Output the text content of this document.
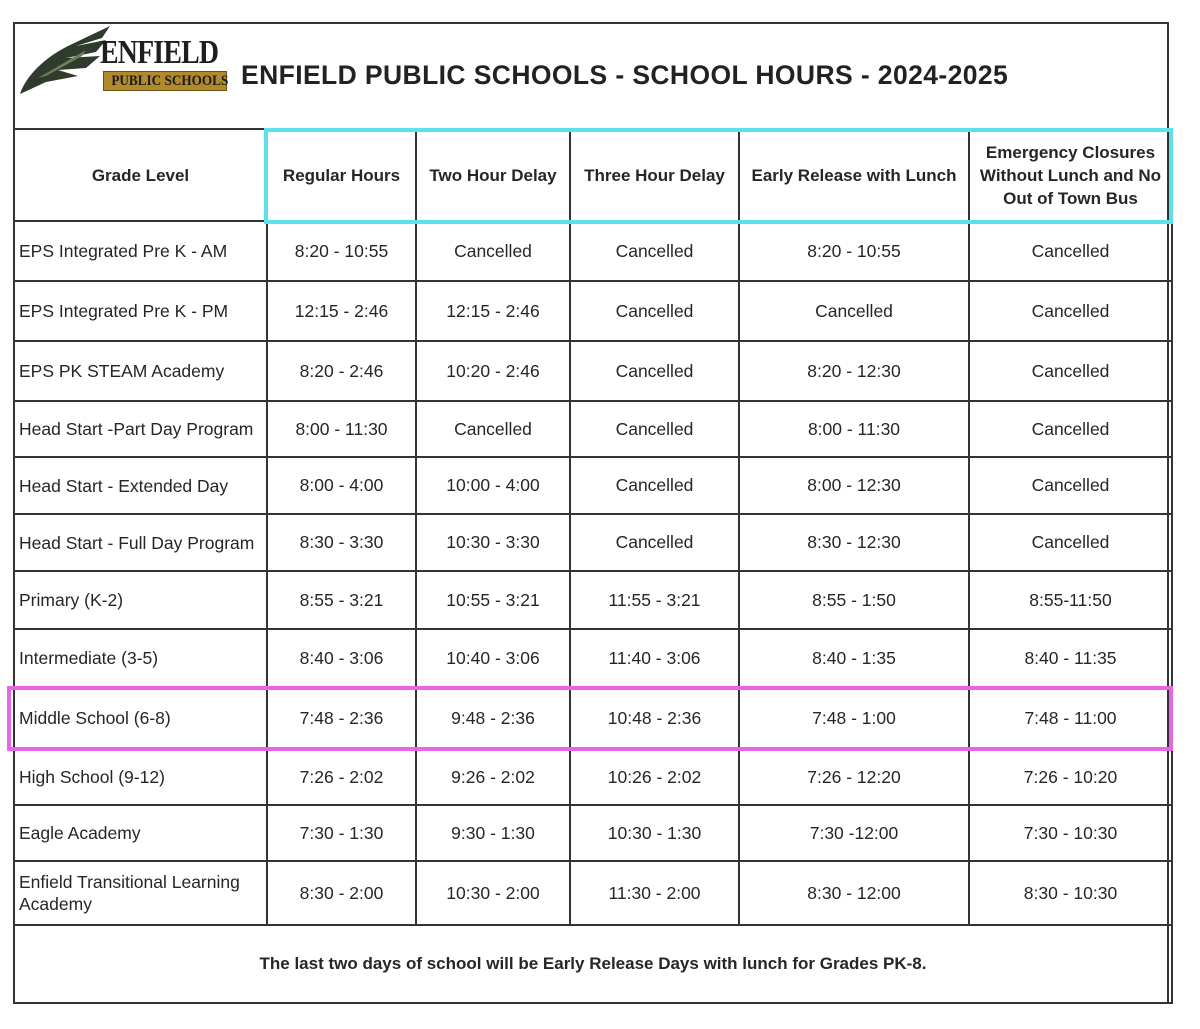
ENFIELD
PUBLIC SCHOOLS ENFIELD PUBLIC SCHOOLS - SCHOOL HOURS - 2024-2025
Grade Level	Regular Hours	Two Hour Delay	Three Hour Delay	Early Release with Lunch	Emergency Closures Without Lunch and No Out of Town Bus
EPS Integrated Pre K - AM	8:20 - 10:55	Cancelled	Cancelled	8:20 - 10:55	Cancelled
EPS Integrated Pre K - PM	12:15 - 2:46	12:15 - 2:46	Cancelled	Cancelled	Cancelled
EPS PK STEAM Academy	8:20 - 2:46	10:20 - 2:46	Cancelled	8:20 - 12:30	Cancelled
Head Start -Part Day Program	8:00 - 11:30	Cancelled	Cancelled	8:00 - 11:30	Cancelled
Head Start - Extended Day	8:00 - 4:00	10:00 - 4:00	Cancelled	8:00 - 12:30	Cancelled
Head Start - Full Day Program	8:30 - 3:30	10:30 - 3:30	Cancelled	8:30 - 12:30	Cancelled
Primary (K-2)	8:55 - 3:21	10:55 - 3:21	11:55 - 3:21	8:55 - 1:50	8:55-11:50
Intermediate (3-5)	8:40 - 3:06	10:40 - 3:06	11:40 - 3:06	8:40 - 1:35	8:40 - 11:35
Middle School (6-8)	7:48 - 2:36	9:48 - 2:36	10:48 - 2:36	7:48 - 1:00	7:48 - 11:00
High School (9-12)	7:26 - 2:02	9:26 - 2:02	10:26 - 2:02	7:26 - 12:20	7:26 - 10:20
Eagle Academy	7:30 - 1:30	9:30 - 1:30	10:30 - 1:30	7:30 -12:00	7:30 - 10:30
Enfield Transitional Learning Academy	8:30 - 2:00	10:30 - 2:00	11:30 - 2:00	8:30 - 12:00	8:30 - 10:30
The last two days of school will be Early Release Days with lunch for Grades PK-8.					
